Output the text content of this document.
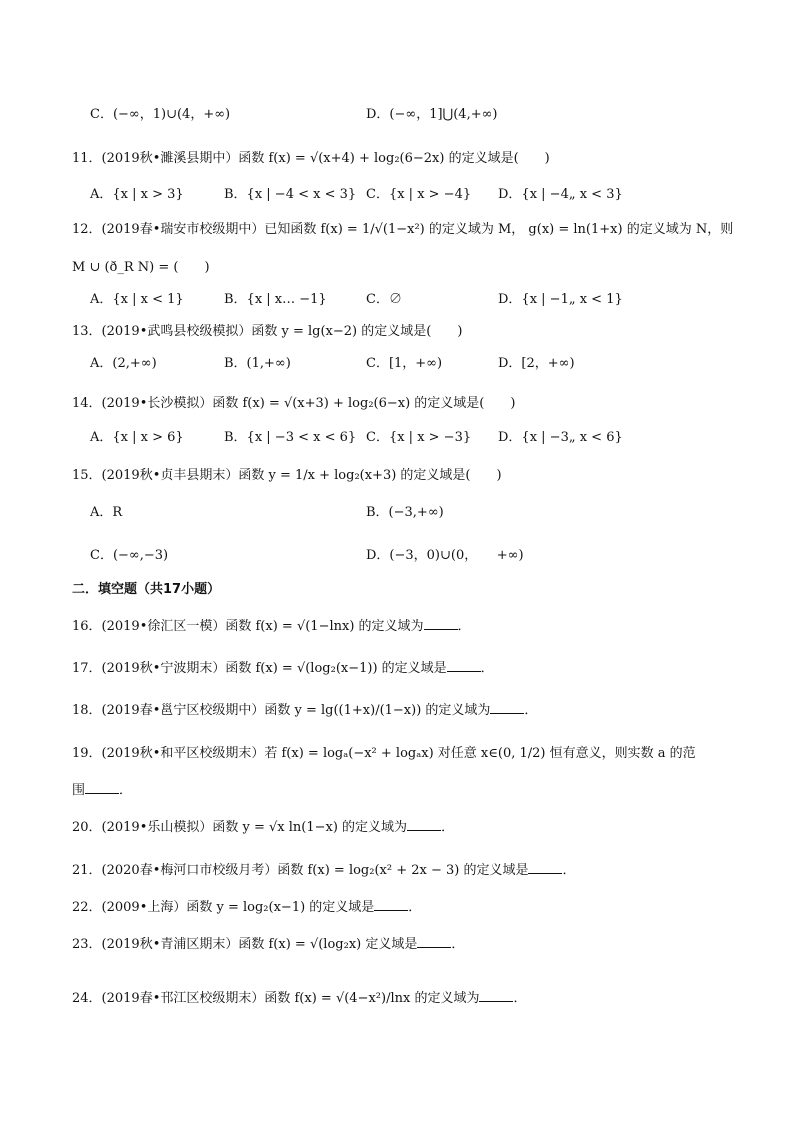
C．(−∞，1)∪(4，+∞)	D．(−∞，1]⋃(4,+∞)
11．(2019秋•濉溪县期中）函数 f(x) = √(x+4) + log₂(6−2x) 的定义域是(　　)
A．{x | x > 3}	B．{x | −4 < x < 3} C．{x | x > −4} D．{x | −4„ x < 3}
12．(2019春•瑞安市校级期中）已知函数 f(x) = 1/√(1−x²) 的定义域为 M， g(x) = ln(1+x) 的定义域为 N，则
M ∪ (ð_R N) = (　　)
A．{x | x < 1}	B．{x | x… −1}	C．∅	D．{x | −1„ x < 1}
13．(2019•武鸣县校级模拟）函数 y = lg(x−2) 的定义域是(　　)
A．(2,+∞)	B．(1,+∞)	C．[1，+∞)	D．[2，+∞)
14．(2019•长沙模拟）函数 f(x) = √(x+3) + log₂(6−x) 的定义域是(　　)
A．{x | x > 6}	B．{x | −3 < x < 6} C．{x | x > −3} D．{x | −3„ x < 6}
15．(2019秋•贞丰县期末）函数 y = 1/x + log₂(x+3) 的定义域是(　　)
A．R	B．(−3,+∞)
C．(−∞,−3)	D．(−3，0)∪(0，　　+∞)
二．填空题（共17小题）
16．(2019•徐汇区一模）函数 f(x) = √(1−lnx) 的定义域为	．
17．(2019秋•宁波期末）函数 f(x) = √(log₂(x−1)) 的定义域是	．
18．(2019春•邕宁区校级期中）函数 y = lg((1+x)/(1−x)) 的定义域为	．
19．(2019秋•和平区校级期末）若 f(x) = logₐ(−x² + logₐx) 对任意 x∈(0, 1/2) 恒有意义，则实数 a 的范
围	．
20．(2019•乐山模拟）函数 y = √x ln(1−x) 的定义域为	．
21．(2020春•梅河口市校级月考）函数 f(x) = log₂(x² + 2x − 3) 的定义域是	．
22．(2009•上海）函数 y = log₂(x−1) 的定义域是	．
23．(2019秋•青浦区期末）函数 f(x) = √(log₂x) 定义域是	．
24．(2019春•邗江区校级期末）函数 f(x) = √(4−x²)/lnx 的定义域为	．
